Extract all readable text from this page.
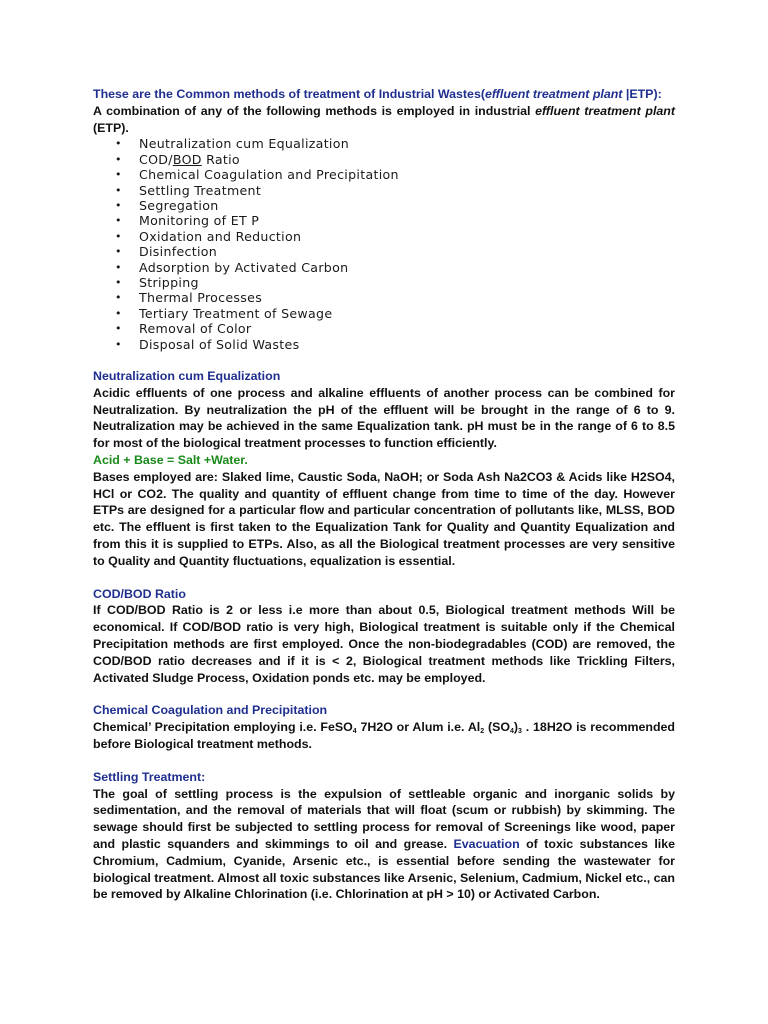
These are the Common methods of treatment of Industrial Wastes(effluent treatment plant |ETP):

A combination of any of the following methods is employed in industrial effluent treatment plant (ETP).

• Neutralization cum Equalization
• COD/BOD Ratio
• Chemical Coagulation and Precipitation
• Settling Treatment
• Segregation
• Monitoring of ET P
• Oxidation and Reduction
• Disinfection
• Adsorption by Activated Carbon
• Stripping
• Thermal Processes
• Tertiary Treatment of Sewage
• Removal of Color
• Disposal of Solid Wastes

Neutralization cum Equalization

Acidic effluents of one process and alkaline effluents of another process can be combined for Neutralization. By neutralization the pH of the effluent will be brought in the range of 6 to 9. Neutralization may be achieved in the same Equalization tank. pH must be in the range of 6 to 8.5 for most of the biological treatment processes to function efficiently.

Acid + Base = Salt +Water.

Bases employed are: Slaked lime, Caustic Soda, NaOH; or Soda Ash Na2CO3 & Acids like H2SO4, HCl or CO2. The quality and quantity of effluent change from time to time of the day. However ETPs are designed for a particular flow and particular concentration of pollutants like, MLSS, BOD etc. The effluent is first taken to the Equalization Tank for Quality and Quantity Equalization and from this it is supplied to ETPs. Also, as all the Biological treatment processes are very sensitive to Quality and Quantity fluctuations, equalization is essential.

COD/BOD Ratio

If COD/BOD Ratio is 2 or less i.e more than about 0.5, Biological treatment methods Will be economical. If COD/BOD ratio is very high, Biological treatment is suitable only if the Chemical Precipitation methods are first employed. Once the non-biodegradables (COD) are removed, the COD/BOD ratio decreases and if it is < 2, Biological treatment methods like Trickling Filters, Activated Sludge Process, Oxidation ponds etc. may be employed.

Chemical Coagulation and Precipitation

Chemical’ Precipitation employing i.e. FeSO$_4$ 7H2O or Alum i.e. $Al_2$ $(SO_4)_3$ . 18H2O is recommended before Biological treatment methods.

Settling Treatment:

The goal of settling process is the expulsion of settleable organic and inorganic solids by sedimentation, and the removal of materials that will float (scum or rubbish) by skimming. The sewage should first be subjected to settling process for removal of Screenings like wood, paper and plastic squanders and skimmings to oil and grease. Evacuation of toxic substances like Chromium, Cadmium, Cyanide, Arsenic etc., is essential before sending the wastewater for biological treatment. Almost all toxic substances like Arsenic, Selenium, Cadmium, Nickel etc., can be removed by Alkaline Chlorination (i.e. Chlorination at pH > 10) or Activated Carbon.
